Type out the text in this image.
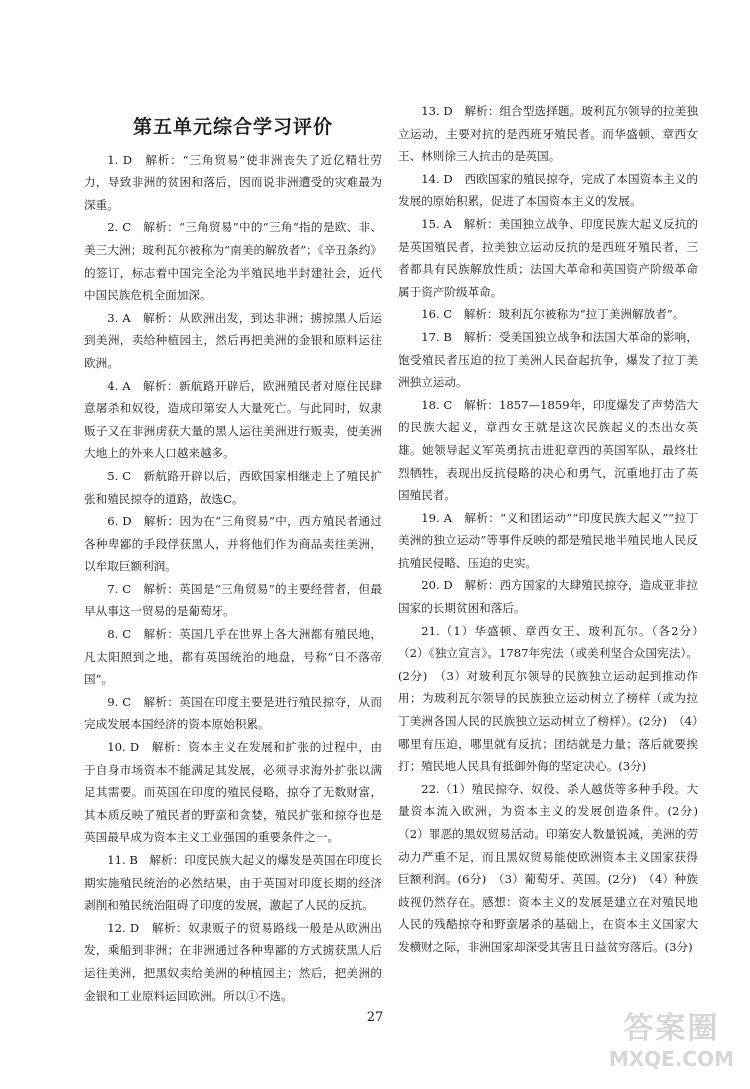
第五单元综合学习评价

1. D　解析：“三角贸易”使非洲丧失了近亿精壮劳力，导致非洲的贫困和落后，因而说非洲遭受的灾难最为深重。

2. C　解析：“三角贸易”中的“三角”指的是欧、非、美三大洲；玻利瓦尔被称为“南美的解放者”；《辛丑条约》的签订，标志着中国完全沦为半殖民地半封建社会，近代中国民族危机全面加深。

3. A　解析：从欧洲出发，到达非洲；掳掠黑人后运到美洲，卖给种植园主，然后再把美洲的金银和原料运往欧洲。

4. A　解析：新航路开辟后，欧洲殖民者对原住民肆意屠杀和奴役，造成印第安人大量死亡。与此同时，奴隶贩子又在非洲虏获大量的黑人运往美洲进行贩卖，使美洲大地上的外来人口越来越多。

5. C　新航路开辟以后，西欧国家相继走上了殖民扩张和殖民掠夺的道路，故选C。

6. D　解析：因为在“三角贸易”中，西方殖民者通过各种卑鄙的手段俘获黑人，并将他们作为商品卖往美洲，以牟取巨额利润。

7. C　解析：英国是“三角贸易”的主要经营者，但最早从事这一贸易的是葡萄牙。

8. C　解析：英国几乎在世界上各大洲都有殖民地，凡太阳照到之地，都有英国统治的地盘，号称“日不落帝国”。

9. C　解析：英国在印度主要是进行殖民掠夺，从而完成发展本国经济的资本原始积累。

10. D　解析：资本主义在发展和扩张的过程中，由于自身市场资本不能满足其发展，必须寻求海外扩张以满足其需要。而英国在印度的殖民侵略，掠夺了无数财富，其本质反映了殖民者的野蛮和贪婪，殖民扩张和掠夺也是英国最早成为资本主义工业强国的重要条件之一。

11. B　解析：印度民族大起义的爆发是英国在印度长期实施殖民统治的必然结果，由于英国对印度长期的经济剥削和殖民统治阻碍了印度的发展，激起了人民的反抗。

12. D　解析：奴隶贩子的贸易路线一般是从欧洲出发，乘船到非洲；在非洲通过各种卑鄙的方式掳获黑人后运往美洲，把黑奴卖给美洲的种植园主；然后，把美洲的金银和工业原料运回欧洲。所以①不选。

13. D　解析：组合型选择题。玻利瓦尔领导的拉美独立运动，主要对抗的是西班牙殖民者。而华盛顿、章西女王、林则徐三人抗击的是英国。

14. D　西欧国家的殖民掠夺，完成了本国资本主义的发展的原始积累，促进了本国资本主义的发展。

15. A　解析：美国独立战争、印度民族大起义反抗的是英国殖民者，拉美独立运动反抗的是西班牙殖民者，三者都具有民族解放性质；法国大革命和英国资产阶级革命属于资产阶级革命。

16. C　解析：玻利瓦尔被称为“拉丁美洲解放者”。

17. B　解析：受美国独立战争和法国大革命的影响，饱受殖民者压迫的拉丁美洲人民奋起抗争，爆发了拉丁美洲独立运动。

18. C　解析：1857—1859年，印度爆发了声势浩大的民族大起义，章西女王就是这次民族起义的杰出女英雄。她领导起义军英勇抗击进犯章西的英国军队，最终壮烈牺牲，表现出反抗侵略的决心和勇气，沉重地打击了英国殖民者。

19. A　解析：“义和团运动”“印度民族大起义”“拉丁美洲的独立运动”等事件反映的都是殖民地半殖民地人民反抗殖民侵略、压迫的史实。

20. D　解析：西方国家的大肆殖民掠夺，造成亚非拉国家的长期贫困和落后。

21.（1）华盛顿、章西女王、玻利瓦尔。（各2分）　（2）《独立宣言》。1787年宪法（或美利坚合众国宪法）。(2分)　（3）对玻利瓦尔领导的民族独立运动起到推动作用；为玻利瓦尔领导的民族独立运动树立了榜样（或为拉丁美洲各国人民的民族独立运动树立了榜样）。(2分)　（4）哪里有压迫，哪里就有反抗；团结就是力量；落后就要挨打；殖民地人民具有抵御外侮的坚定决心。(3分)

22.（1）殖民掠夺、奴役、杀人越货等多种手段。大量资本流入欧洲，为资本主义的发展创造条件。(2分)　（2）罪恶的黑奴贸易活动。印第安人数量锐减，美洲的劳动力严重不足，而且黑奴贸易能使欧洲资本主义国家获得巨额利润。(6分)　（3）葡萄牙、英国。(2分)　（4）种族歧视仍然存在。感想：资本主义的发展是建立在对殖民地人民的残酷掠夺和野蛮屠杀的基础上，在资本主义国家大发横财之际，非洲国家却深受其害且日益贫穷落后。(3分)

27	答案圈
MXQE.COM
